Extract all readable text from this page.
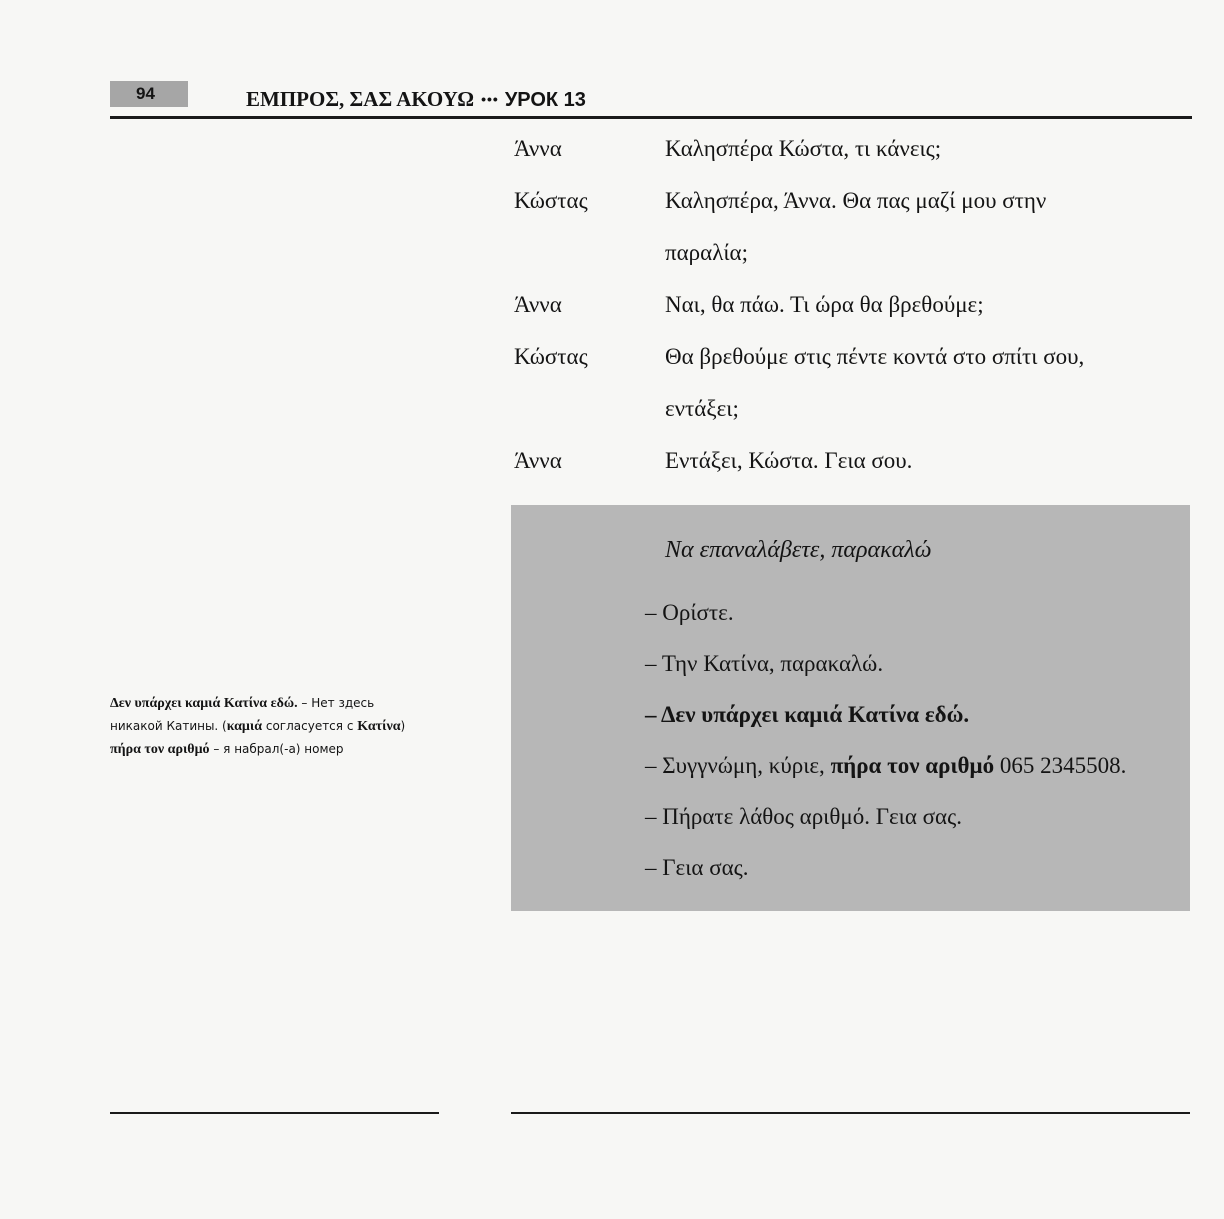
94	ΕΜΠΡΟΣ, ΣΑΣ ΑΚΟΥΩ ••• УРОК 13
Άννα	Καλησπέρα Κώστα, τι κάνεις;
Κώστας	Καλησπέρα, Άννα. Θα πας μαζί μου στην
παραλία;
Άννα	Ναι, θα πάω. Τι ώρα θα βρεθούμε;
Κώστας	Θα βρεθούμε στις πέντε κοντά στο σπίτι σου,
εντάξει;
Άννα	Εντάξει, Κώστα. Γεια σου.
Να επαναλάβετε, παρακαλώ
– Ορίστε.
– Την Κατίνα, παρακαλώ.
– Δεν υπάρχει καμιά Κατίνα εδώ.
– Συγγνώμη, κύριε, πήρα τον αριθμό 065 2345508.
– Πήρατε λάθος αριθμό. Γεια σας.
– Γεια σας.
Δεν υπάρχει καμιά Κατίνα εδώ. – Нет здесь никакой Катины. (καμιά согласуется с Κατίνα)
πήρα τον αριθμό – я набрал(-а) номер
